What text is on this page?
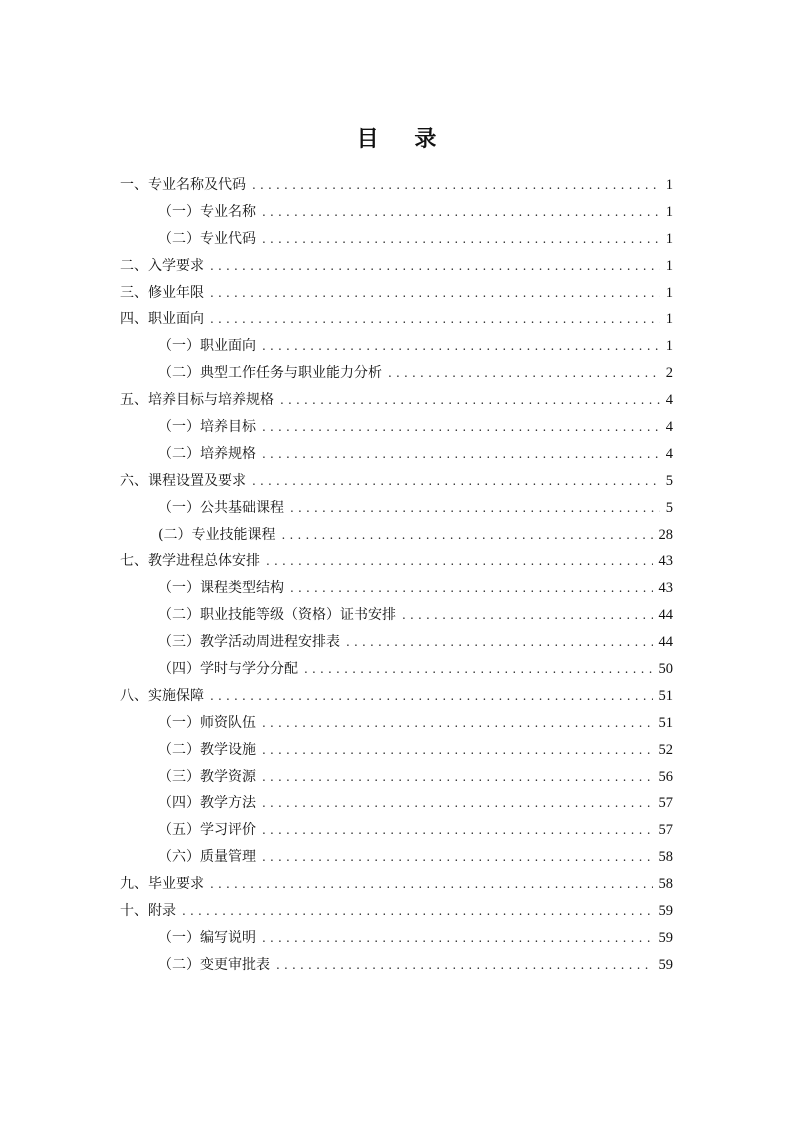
目 录
一、专业名称及代码 .....	1
（一）专业名称 .....	1
（二）专业代码 .....	1
二、入学要求 .....	1
三、修业年限 .....	1
四、职业面向 .....	1
（一）职业面向 .....	1
（二）典型工作任务与职业能力分析 .....	2
五、培养目标与培养规格 .....	4
（一）培养目标 .....	4
（二）培养规格 .....	4
六、课程设置及要求 .....	5
（一）公共基础课程 .....	5
(二）专业技能课程 .....	28
七、教学进程总体安排 .....	43
（一）课程类型结构 .....	43
（二）职业技能等级（资格）证书安排 .....	44
（三）教学活动周进程安排表 .....	44
（四）学时与学分分配 .....	50
八、实施保障 .....	51
（一）师资队伍 .....	51
（二）教学设施 .....	52
（三）教学资源 .....	56
（四）教学方法 .....	57
（五）学习评价 .....	57
（六）质量管理 .....	58
九、毕业要求 .....	58
十、附录 .....	59
（一）编写说明 .....	59
（二）变更审批表 .....	59
